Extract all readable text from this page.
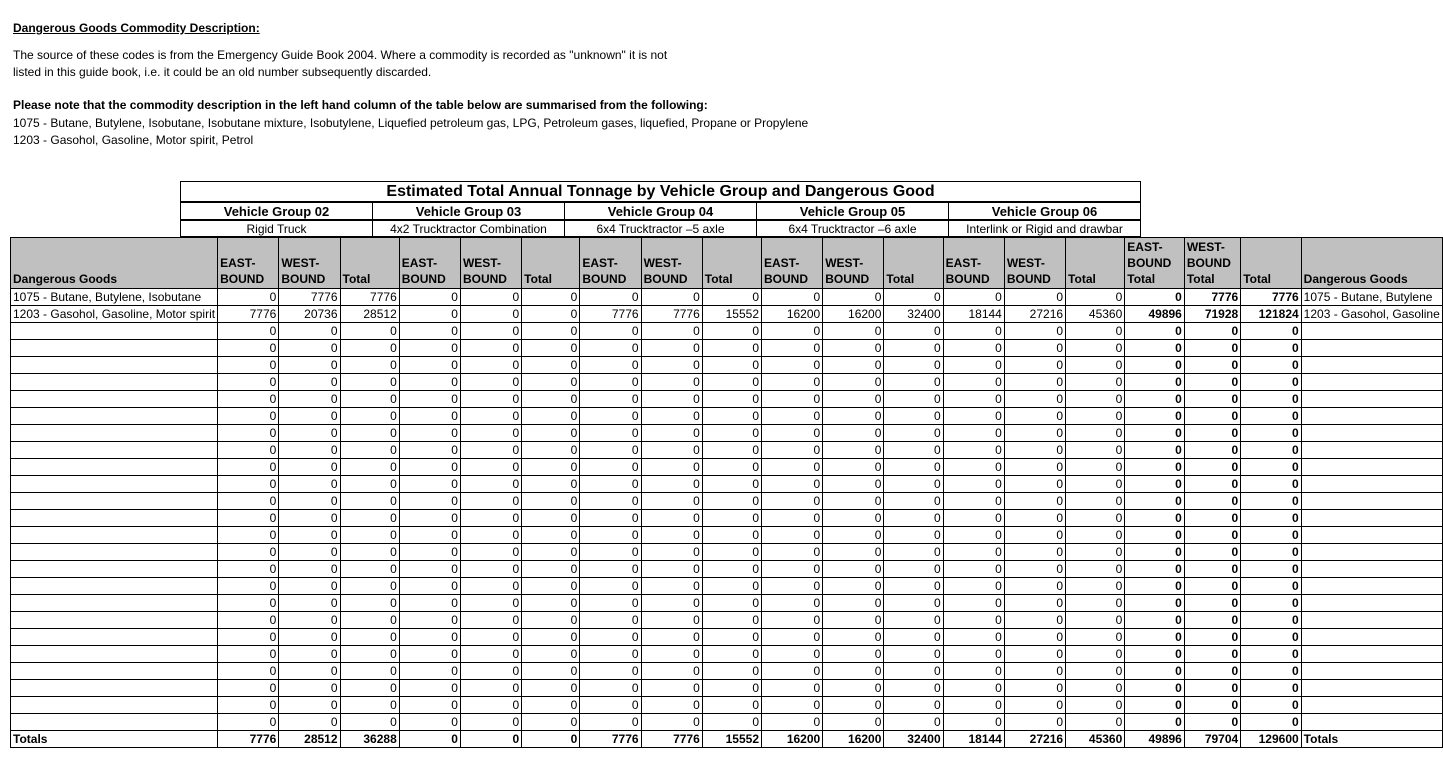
Dangerous Goods Commodity Description:
The source of these codes is from the Emergency Guide Book 2004. Where a commodity is recorded as "unknown" it is not
listed in this guide book, i.e. it could be an old number subsequently discarded.
Please note that the commodity description in the left hand column of the table below are summarised from the following:
1075 - Butane, Butylene, Isobutane, Isobutane mixture, Isobutylene, Liquefied petroleum gas, LPG, Petroleum gases, liquefied, Propane or Propylene
1203 - Gasohol, Gasoline, Motor spirit, Petrol
Estimated Total Annual Tonnage by Vehicle Group and Dangerous Good
Vehicle Group 02	Vehicle Group 03	Vehicle Group 04	Vehicle Group 05	Vehicle Group 06
Rigid Truck	4x2 Trucktractor Combination	6x4 Trucktractor –5 axle	6x4 Trucktractor –6 axle	Interlink or Rigid and drawbar
Dangerous Goods	EAST-BOUND	WEST-BOUND	Total	EAST-BOUND	WEST-BOUND	Total	EAST-BOUND	WEST-BOUND	Total	EAST-BOUND	WEST-BOUND	Total	EAST-BOUND	WEST-BOUND	Total	EAST-BOUND Total	WEST-BOUND Total	Total	Dangerous Goods
1075 - Butane, Butylene, Isobutane	0	7776	7776	0	0	0	0	0	0	0	0	0	0	0	0	0	7776	7776	1075 - Butane, Butylene
1203 - Gasohol, Gasoline, Motor spirit	7776	20736	28512	0	0	0	7776	7776	15552	16200	16200	32400	18144	27216	45360	49896	71928	121824	1203 - Gasohol, Gasoline
	0	0	0	0	0	0	0	0	0	0	0	0	0	0	0	0	0	0	
	0	0	0	0	0	0	0	0	0	0	0	0	0	0	0	0	0	0	
	0	0	0	0	0	0	0	0	0	0	0	0	0	0	0	0	0	0	
	0	0	0	0	0	0	0	0	0	0	0	0	0	0	0	0	0	0	
	0	0	0	0	0	0	0	0	0	0	0	0	0	0	0	0	0	0	
	0	0	0	0	0	0	0	0	0	0	0	0	0	0	0	0	0	0	
	0	0	0	0	0	0	0	0	0	0	0	0	0	0	0	0	0	0	
	0	0	0	0	0	0	0	0	0	0	0	0	0	0	0	0	0	0	
	0	0	0	0	0	0	0	0	0	0	0	0	0	0	0	0	0	0	
	0	0	0	0	0	0	0	0	0	0	0	0	0	0	0	0	0	0	
	0	0	0	0	0	0	0	0	0	0	0	0	0	0	0	0	0	0	
	0	0	0	0	0	0	0	0	0	0	0	0	0	0	0	0	0	0	
	0	0	0	0	0	0	0	0	0	0	0	0	0	0	0	0	0	0	
	0	0	0	0	0	0	0	0	0	0	0	0	0	0	0	0	0	0	
	0	0	0	0	0	0	0	0	0	0	0	0	0	0	0	0	0	0	
	0	0	0	0	0	0	0	0	0	0	0	0	0	0	0	0	0	0	
	0	0	0	0	0	0	0	0	0	0	0	0	0	0	0	0	0	0	
	0	0	0	0	0	0	0	0	0	0	0	0	0	0	0	0	0	0	
	0	0	0	0	0	0	0	0	0	0	0	0	0	0	0	0	0	0	
	0	0	0	0	0	0	0	0	0	0	0	0	0	0	0	0	0	0	
	0	0	0	0	0	0	0	0	0	0	0	0	0	0	0	0	0	0	
	0	0	0	0	0	0	0	0	0	0	0	0	0	0	0	0	0	0	
	0	0	0	0	0	0	0	0	0	0	0	0	0	0	0	0	0	0	
	0	0	0	0	0	0	0	0	0	0	0	0	0	0	0	0	0	0	
Totals	7776	28512	36288	0	0	0	7776	7776	15552	16200	16200	32400	18144	27216	45360	49896	79704	129600	Totals
